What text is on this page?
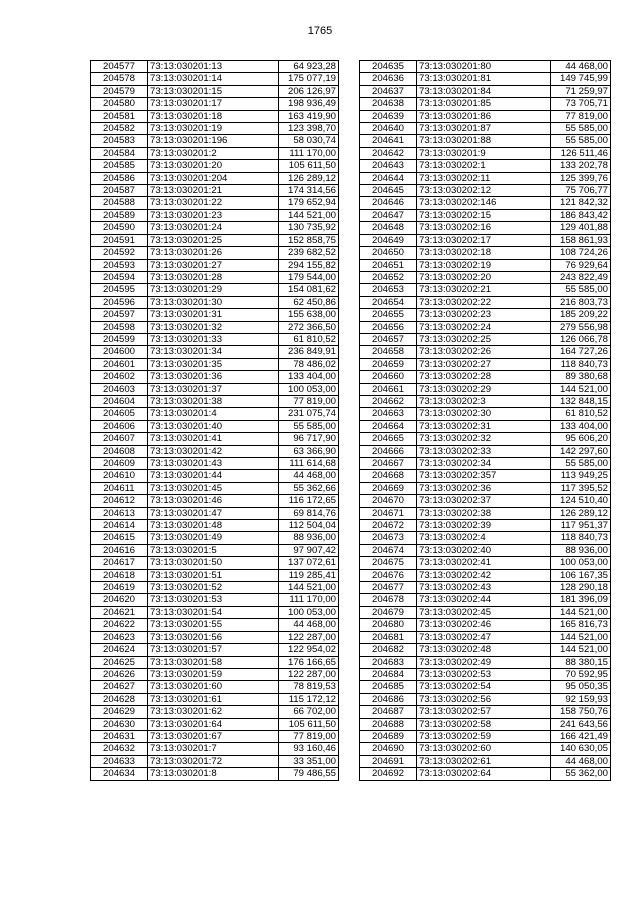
1765
204577	73:13:030201:13	64 923,28
204578	73:13:030201:14	175 077,19
204579	73:13:030201:15	206 126,97
204580	73:13:030201:17	198 936,49
204581	73:13:030201:18	163 419,90
204582	73:13:030201:19	123 398,70
204583	73:13:030201:196	58 030,74
204584	73:13:030201:2	111 170,00
204585	73:13:030201:20	105 611,50
204586	73:13:030201:204	126 289,12
204587	73:13:030201:21	174 314,56
204588	73:13:030201:22	179 652,94
204589	73:13:030201:23	144 521,00
204590	73:13:030201:24	130 735,92
204591	73:13:030201:25	152 858,75
204592	73:13:030201:26	239 682,52
204593	73:13:030201:27	294 155,82
204594	73:13:030201:28	179 544,00
204595	73:13:030201:29	154 081,62
204596	73:13:030201:30	62 450,86
204597	73:13:030201:31	155 638,00
204598	73:13:030201:32	272 366,50
204599	73:13:030201:33	61 810,52
204600	73:13:030201:34	236 849,91
204601	73:13:030201:35	78 486,02
204602	73:13:030201:36	133 404,00
204603	73:13:030201:37	100 053,00
204604	73:13:030201:38	77 819,00
204605	73:13:030201:4	231 075,74
204606	73:13:030201:40	55 585,00
204607	73:13:030201:41	96 717,90
204608	73:13:030201:42	63 366,90
204609	73:13:030201:43	111 614,68
204610	73:13:030201:44	44 468,00
204611	73:13:030201:45	55 362,66
204612	73:13:030201:46	116 172,65
204613	73:13:030201:47	69 814,76
204614	73:13:030201:48	112 504,04
204615	73:13:030201:49	88 936,00
204616	73:13:030201:5	97 907,42
204617	73:13:030201:50	137 072,61
204618	73:13:030201:51	119 285,41
204619	73:13:030201:52	144 521,00
204620	73:13:030201:53	111 170,00
204621	73:13:030201:54	100 053,00
204622	73:13:030201:55	44 468,00
204623	73:13:030201:56	122 287,00
204624	73:13:030201:57	122 954,02
204625	73:13:030201:58	176 166,65
204626	73:13:030201:59	122 287,00
204627	73:13:030201:60	78 819,53
204628	73:13:030201:61	115 172,12
204629	73:13:030201:62	66 702,00
204630	73:13:030201:64	105 611,50
204631	73:13:030201:67	77 819,00
204632	73:13:030201:7	93 160,46
204633	73:13:030201:72	33 351,00
204634	73:13:030201:8	79 486,55
204635	73:13:030201:80	44 468,00
204636	73:13:030201:81	149 745,99
204637	73:13:030201:84	71 259,97
204638	73:13:030201:85	73 705,71
204639	73:13:030201:86	77 819,00
204640	73:13:030201:87	55 585,00
204641	73:13:030201:88	55 585,00
204642	73:13:030201:9	126 511,46
204643	73:13:030202:1	133 202,78
204644	73:13:030202:11	125 399,76
204645	73:13:030202:12	75 706,77
204646	73:13:030202:146	121 842,32
204647	73:13:030202:15	186 843,42
204648	73:13:030202:16	129 401,88
204649	73:13:030202:17	158 861,93
204650	73:13:030202:18	108 724,26
204651	73:13:030202:19	76 929,64
204652	73:13:030202:20	243 822,49
204653	73:13:030202:21	55 585,00
204654	73:13:030202:22	216 803,73
204655	73:13:030202:23	185 209,22
204656	73:13:030202:24	279 556,98
204657	73:13:030202:25	126 066,78
204658	73:13:030202:26	164 727,26
204659	73:13:030202:27	118 840,73
204660	73:13:030202:28	89 380,68
204661	73:13:030202:29	144 521,00
204662	73:13:030202:3	132 848,15
204663	73:13:030202:30	61 810,52
204664	73:13:030202:31	133 404,00
204665	73:13:030202:32	95 606,20
204666	73:13:030202:33	142 297,60
204667	73:13:030202:34	55 585,00
204668	73:13:030202:357	113 949,25
204669	73:13:030202:36	117 395,52
204670	73:13:030202:37	124 510,40
204671	73:13:030202:38	126 289,12
204672	73:13:030202:39	117 951,37
204673	73:13:030202:4	118 840,73
204674	73:13:030202:40	88 936,00
204675	73:13:030202:41	100 053,00
204676	73:13:030202:42	106 167,35
204677	73:13:030202:43	128 290,18
204678	73:13:030202:44	181 396,09
204679	73:13:030202:45	144 521,00
204680	73:13:030202:46	165 816,73
204681	73:13:030202:47	144 521,00
204682	73:13:030202:48	144 521,00
204683	73:13:030202:49	88 380,15
204684	73:13:030202:53	70 592,95
204685	73:13:030202:54	95 050,35
204686	73:13:030202:56	92 159,93
204687	73:13:030202:57	158 750,76
204688	73:13:030202:58	241 643,56
204689	73:13:030202:59	166 421,49
204690	73:13:030202:60	140 630,05
204691	73:13:030202:61	44 468,00
204692	73:13:030202:64	55 362,00
